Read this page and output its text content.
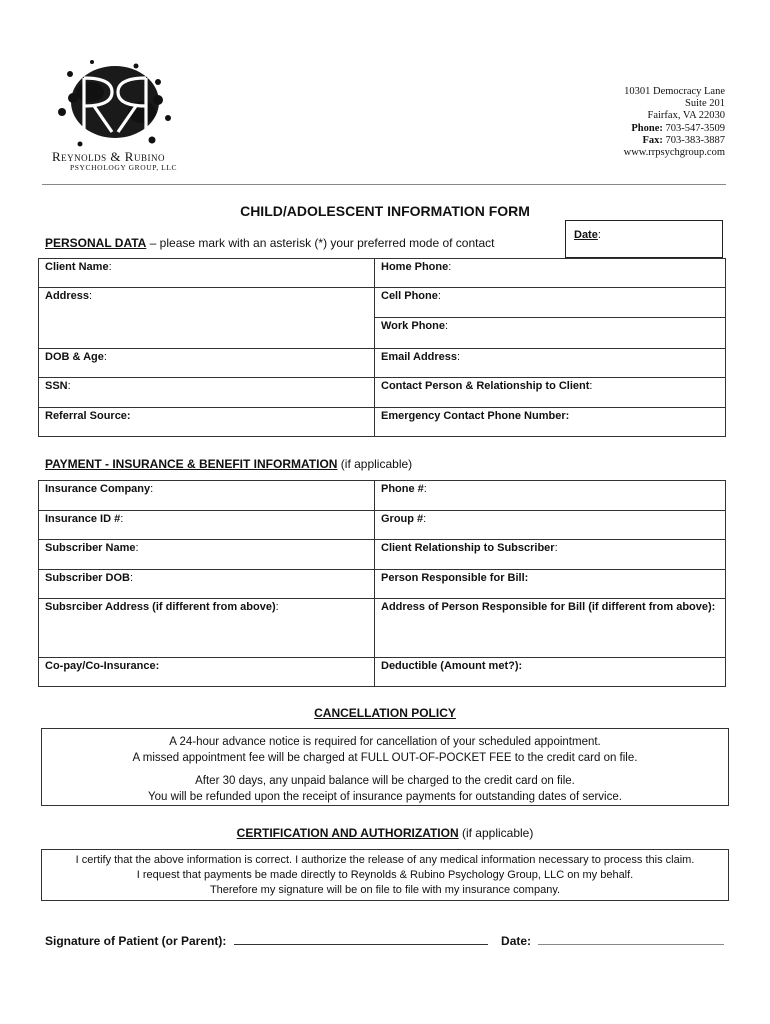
Reynolds & Rubino
PSYCHOLOGY GROUP, LLC
10301 Democracy Lane
Suite 201
Fairfax, VA 22030
Phone: 703-547-3509
Fax: 703-383-3887
www.rrpsychgroup.com
CHILD/ADOLESCENT INFORMATION FORM
Date:
PERSONAL DATA – please mark with an asterisk (*) your preferred mode of contact
Client Name:	Home Phone:
Address:	Cell Phone:
	Work Phone:
DOB & Age:	Email Address:
SSN:	Contact Person & Relationship to Client:
Referral Source:	Emergency Contact Phone Number:
PAYMENT - INSURANCE & BENEFIT INFORMATION (if applicable)
Insurance Company:	Phone #:
Insurance ID #:	Group #:
Subscriber Name:	Client Relationship to Subscriber:
Subscriber DOB:	Person Responsible for Bill:
Subsrciber Address (if different from above):	Address of Person Responsible for Bill (if different from above):
Co-pay/Co-Insurance:	Deductible (Amount met?):
CANCELLATION POLICY
A 24-hour advance notice is required for cancellation of your scheduled appointment.
A missed appointment fee will be charged at FULL OUT-OF-POCKET FEE to the credit card on file.
After 30 days, any unpaid balance will be charged to the credit card on file.
You will be refunded upon the receipt of insurance payments for outstanding dates of service.
CERTIFICATION AND AUTHORIZATION (if applicable)
I certify that the above information is correct. I authorize the release of any medical information necessary to process this claim.
I request that payments be made directly to Reynolds & Rubino Psychology Group, LLC on my behalf.
Therefore my signature will be on file to file with my insurance company.
Signature of Patient (or Parent):	Date:
